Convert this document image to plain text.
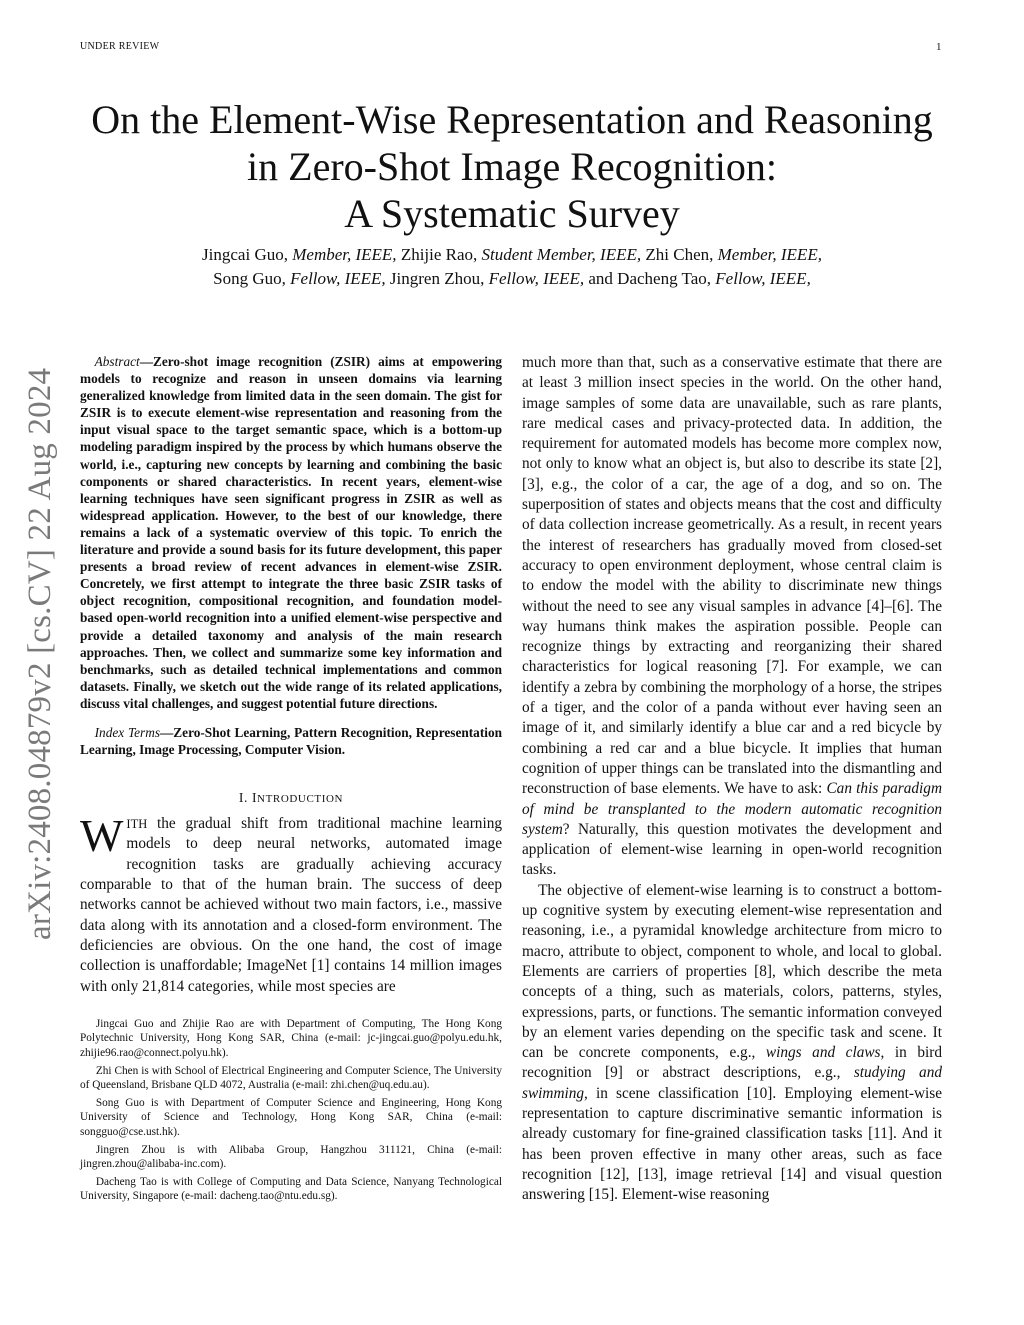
UNDER REVIEW	1
On the Element-Wise Representation and Reasoning
in Zero-Shot Image Recognition:
A Systematic Survey
Jingcai Guo, Member, IEEE, Zhijie Rao, Student Member, IEEE, Zhi Chen, Member, IEEE,
Song Guo, Fellow, IEEE, Jingren Zhou, Fellow, IEEE, and Dacheng Tao, Fellow, IEEE,
arXiv:2408.04879v2 [cs.CV] 22 Aug 2024

Abstract—Zero-shot image recognition (ZSIR) aims at empowering models to recognize and reason in unseen domains via learning generalized knowledge from limited data in the seen domain. The gist for ZSIR is to execute element-wise representation and reasoning from the input visual space to the target semantic space, which is a bottom-up modeling paradigm inspired by the process by which humans observe the world, i.e., capturing new concepts by learning and combining the basic components or shared characteristics. In recent years, element-wise learning techniques have seen significant progress in ZSIR as well as widespread application. However, to the best of our knowledge, there remains a lack of a systematic overview of this topic. To enrich the literature and provide a sound basis for its future development, this paper presents a broad review of recent advances in element-wise ZSIR. Concretely, we first attempt to integrate the three basic ZSIR tasks of object recognition, compositional recognition, and foundation model-based open-world recognition into a unified element-wise perspective and provide a detailed taxonomy and analysis of the main research approaches. Then, we collect and summarize some key information and benchmarks, such as detailed technical implementations and common datasets. Finally, we sketch out the wide range of its related applications, discuss vital challenges, and suggest potential future directions.

Index Terms—Zero-Shot Learning, Pattern Recognition, Representation Learning, Image Processing, Computer Vision.

I. INTRODUCTION

WITH the gradual shift from traditional machine learning models to deep neural networks, automated image recognition tasks are gradually achieving accuracy comparable to that of the human brain. The success of deep networks cannot be achieved without two main factors, i.e., massive data along with its annotation and a closed-form environment. The deficiencies are obvious. On the one hand, the cost of image collection is unaffordable; ImageNet [1] contains 14 million images with only 21,814 categories, while most species are

Jingcai Guo and Zhijie Rao are with Department of Computing, The Hong Kong Polytechnic University, Hong Kong SAR, China (e-mail: jc-jingcai.guo@polyu.edu.hk, zhijie96.rao@connect.polyu.hk).

Zhi Chen is with School of Electrical Engineering and Computer Science, The University of Queensland, Brisbane QLD 4072, Australia (e-mail: zhi.chen@uq.edu.au).

Song Guo is with Department of Computer Science and Engineering, Hong Kong University of Science and Technology, Hong Kong SAR, China (e-mail: songguo@cse.ust.hk).

Jingren Zhou is with Alibaba Group, Hangzhou 311121, China (e-mail: jingren.zhou@alibaba-inc.com).

Dacheng Tao is with College of Computing and Data Science, Nanyang Technological University, Singapore (e-mail: dacheng.tao@ntu.edu.sg).

much more than that, such as a conservative estimate that there are at least 3 million insect species in the world. On the other hand, image samples of some data are unavailable, such as rare plants, rare medical cases and privacy-protected data. In addition, the requirement for automated models has become more complex now, not only to know what an object is, but also to describe its state [2], [3], e.g., the color of a car, the age of a dog, and so on. The superposition of states and objects means that the cost and difficulty of data collection increase geometrically. As a result, in recent years the interest of researchers has gradually moved from closed-set accuracy to open environment deployment, whose central claim is to endow the model with the ability to discriminate new things without the need to see any visual samples in advance [4]–[6]. The way humans think makes the aspiration possible. People can recognize things by extracting and reorganizing their shared characteristics for logical reasoning [7]. For example, we can identify a zebra by combining the morphology of a horse, the stripes of a tiger, and the color of a panda without ever having seen an image of it, and similarly identify a blue car and a red bicycle by combining a red car and a blue bicycle. It implies that human cognition of upper things can be translated into the dismantling and reconstruction of base elements. We have to ask: Can this paradigm of mind be transplanted to the modern automatic recognition system? Naturally, this question motivates the development and application of element-wise learning in open-world recognition tasks.

The objective of element-wise learning is to construct a bottom-up cognitive system by executing element-wise representation and reasoning, i.e., a pyramidal knowledge architecture from micro to macro, attribute to object, component to whole, and local to global. Elements are carriers of properties [8], which describe the meta concepts of a thing, such as materials, colors, patterns, styles, expressions, parts, or functions. The semantic information conveyed by an element varies depending on the specific task and scene. It can be concrete components, e.g., wings and claws, in bird recognition [9] or abstract descriptions, e.g., studying and swimming, in scene classification [10]. Employing element-wise representation to capture discriminative semantic information is already customary for fine-grained classification tasks [11]. And it has been proven effective in many other areas, such as face recognition [12], [13], image retrieval [14] and visual question answering [15]. Element-wise reasoning
